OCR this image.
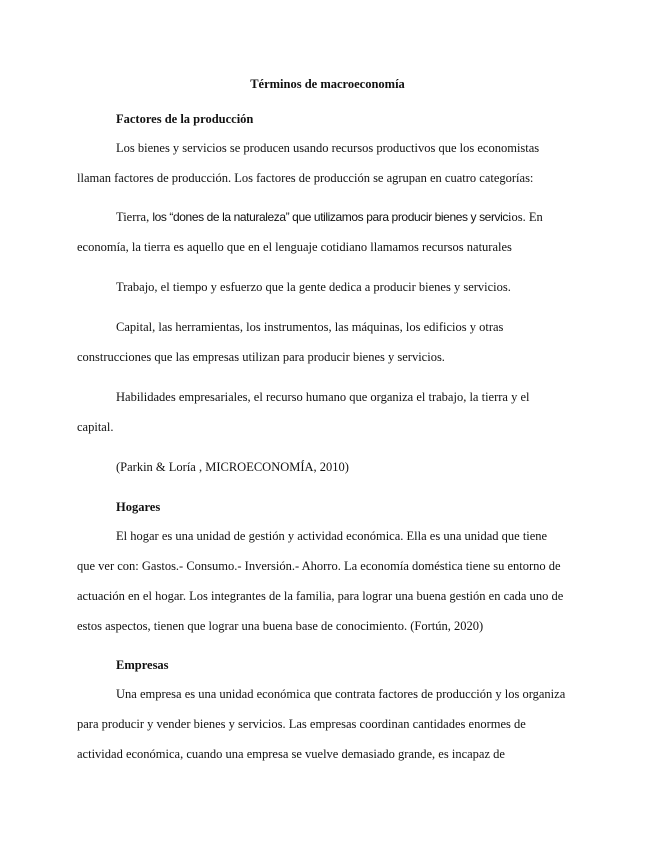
Términos de macroeconomía
Factores de la producción

Los bienes y servicios se producen usando recursos productivos que los economistas

llaman factores de producción. Los factores de producción se agrupan en cuatro categorías:

Tierra, los “dones de la naturaleza” que utilizamos para producir bienes y servicios. En

economía, la tierra es aquello que en el lenguaje cotidiano llamamos recursos naturales

Trabajo, el tiempo y esfuerzo que la gente dedica a producir bienes y servicios.

Capital, las herramientas, los instrumentos, las máquinas, los edificios y otras

construcciones que las empresas utilizan para producir bienes y servicios.

Habilidades empresariales, el recurso humano que organiza el trabajo, la tierra y el

capital.

(Parkin & Loría , MICROECONOMÍA, 2010)

Hogares

El hogar es una unidad de gestión y actividad económica. Ella es una unidad que tiene

que ver con: Gastos.- Consumo.- Inversión.- Ahorro. La economía doméstica tiene su entorno de

actuación en el hogar. Los integrantes de la familia, para lograr una buena gestión en cada uno de

estos aspectos, tienen que lograr una buena base de conocimiento. (Fortún, 2020)

Empresas

Una empresa es una unidad económica que contrata factores de producción y los organiza

para producir y vender bienes y servicios. Las empresas coordinan cantidades enormes de

actividad económica, cuando una empresa se vuelve demasiado grande, es incapaz de
